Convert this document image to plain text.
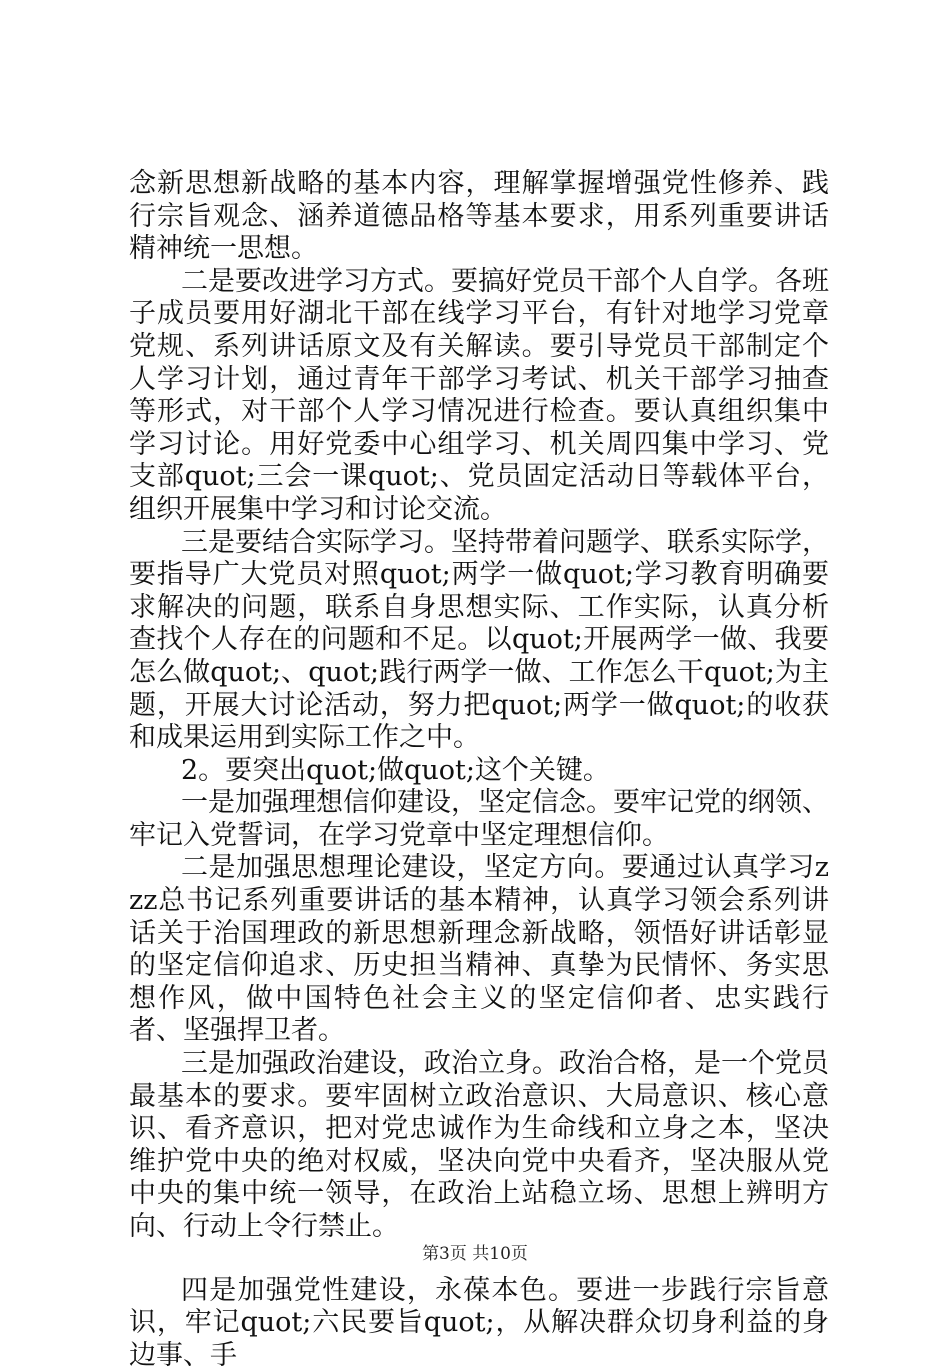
念新思想新战略的基本内容，理解掌握增强党性修养、践行宗旨观念、涵养道德品格等基本要求，用系列重要讲话精神统一思想。

二是要改进学习方式。要搞好党员干部个人自学。各班子成员要用好湖北干部在线学习平台，有针对地学习党章党规、系列讲话原文及有关解读。要引导党员干部制定个人学习计划，通过青年干部学习考试、机关干部学习抽查等形式，对干部个人学习情况进行检查。要认真组织集中学习讨论。用好党委中心组学习、机关周四集中学习、党支部quot;三会一课quot;、党员固定活动日等载体平台，组织开展集中学习和讨论交流。

三是要结合实际学习。坚持带着问题学、联系实际学，要指导广大党员对照quot;两学一做quot;学习教育明确要求解决的问题，联系自身思想实际、工作实际，认真分析查找个人存在的问题和不足。以quot;开展两学一做、我要怎么做quot;、quot;践行两学一做、工作怎么干quot;为主题，开展大讨论活动，努力把quot;两学一做quot;的收获和成果运用到实际工作之中。

2。要突出quot;做quot;这个关键。

一是加强理想信仰建设，坚定信念。要牢记党的纲领、牢记入党誓词，在学习党章中坚定理想信仰。

二是加强思想理论建设，坚定方向。要通过认真学习zzz总书记系列重要讲话的基本精神，认真学习领会系列讲话关于治国理政的新思想新理念新战略，领悟好讲话彰显的坚定信仰追求、历史担当精神、真挚为民情怀、务实思想作风，做中国特色社会主义的坚定信仰者、忠实践行者、坚强捍卫者。

三是加强政治建设，政治立身。政治合格，是一个党员最基本的要求。要牢固树立政治意识、大局意识、核心意识、看齐意识，把对党忠诚作为生命线和立身之本，坚决维护党中央的绝对权威，坚决向党中央看齐，坚决服从党中央的集中统一领导，在政治上站稳立场、思想上辨明方向、行动上令行禁止。

四是加强党性建设，永葆本色。要进一步践行宗旨意识，牢记quot;六民要旨quot;，从解决群众切身利益的身边事、手

第3页 共10页
